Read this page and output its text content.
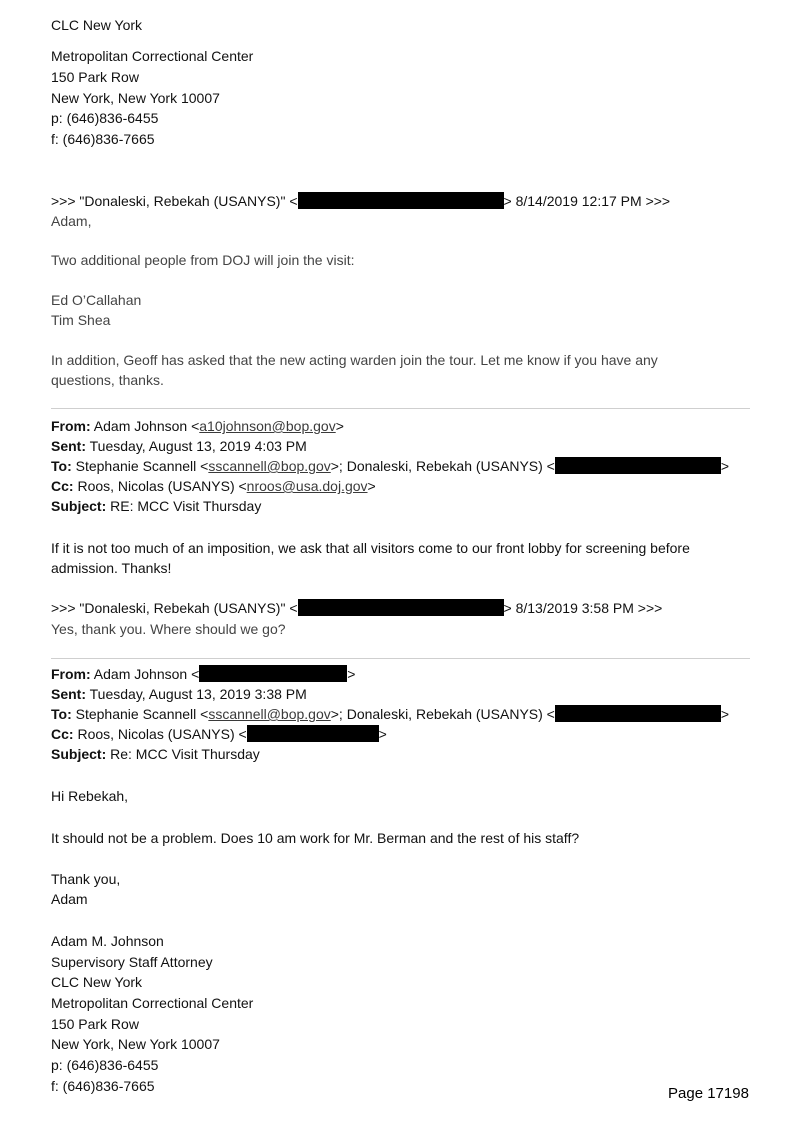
CLC New York
Metropolitan Correctional Center
150 Park Row
New York, New York 10007
p: (646)836-6455
f: (646)836-7665
>>> "Donaleski, Rebekah (USANYS)" <	> 8/14/2019 12:17 PM >>>
Adam,
Two additional people from DOJ will join the visit:
Ed O’Callahan
Tim Shea
In addition, Geoff has asked that the new acting warden join the tour. Let me know if you have any
questions, thanks.
From: Adam Johnson <a10johnson@bop.gov>
Sent: Tuesday, August 13, 2019 4:03 PM
To: Stephanie Scannell <sscannell@bop.gov>; Donaleski, Rebekah (USANYS) <	>
Cc: Roos, Nicolas (USANYS) <nroos@usa.doj.gov>
Subject: RE: MCC Visit Thursday
If it is not too much of an imposition, we ask that all visitors come to our front lobby for screening before
admission. Thanks!
>>> "Donaleski, Rebekah (USANYS)" <	> 8/13/2019 3:58 PM >>>
Yes, thank you. Where should we go?
From: Adam Johnson <	>
Sent: Tuesday, August 13, 2019 3:38 PM
To: Stephanie Scannell <sscannell@bop.gov>; Donaleski, Rebekah (USANYS) <	>
Cc: Roos, Nicolas (USANYS) <	>
Subject: Re: MCC Visit Thursday
Hi Rebekah,
It should not be a problem. Does 10 am work for Mr. Berman and the rest of his staff?
Thank you,
Adam
Adam M. Johnson
Supervisory Staff Attorney
CLC New York
Metropolitan Correctional Center
150 Park Row
New York, New York 10007
p: (646)836-6455
f: (646)836-7665	Page 17198
